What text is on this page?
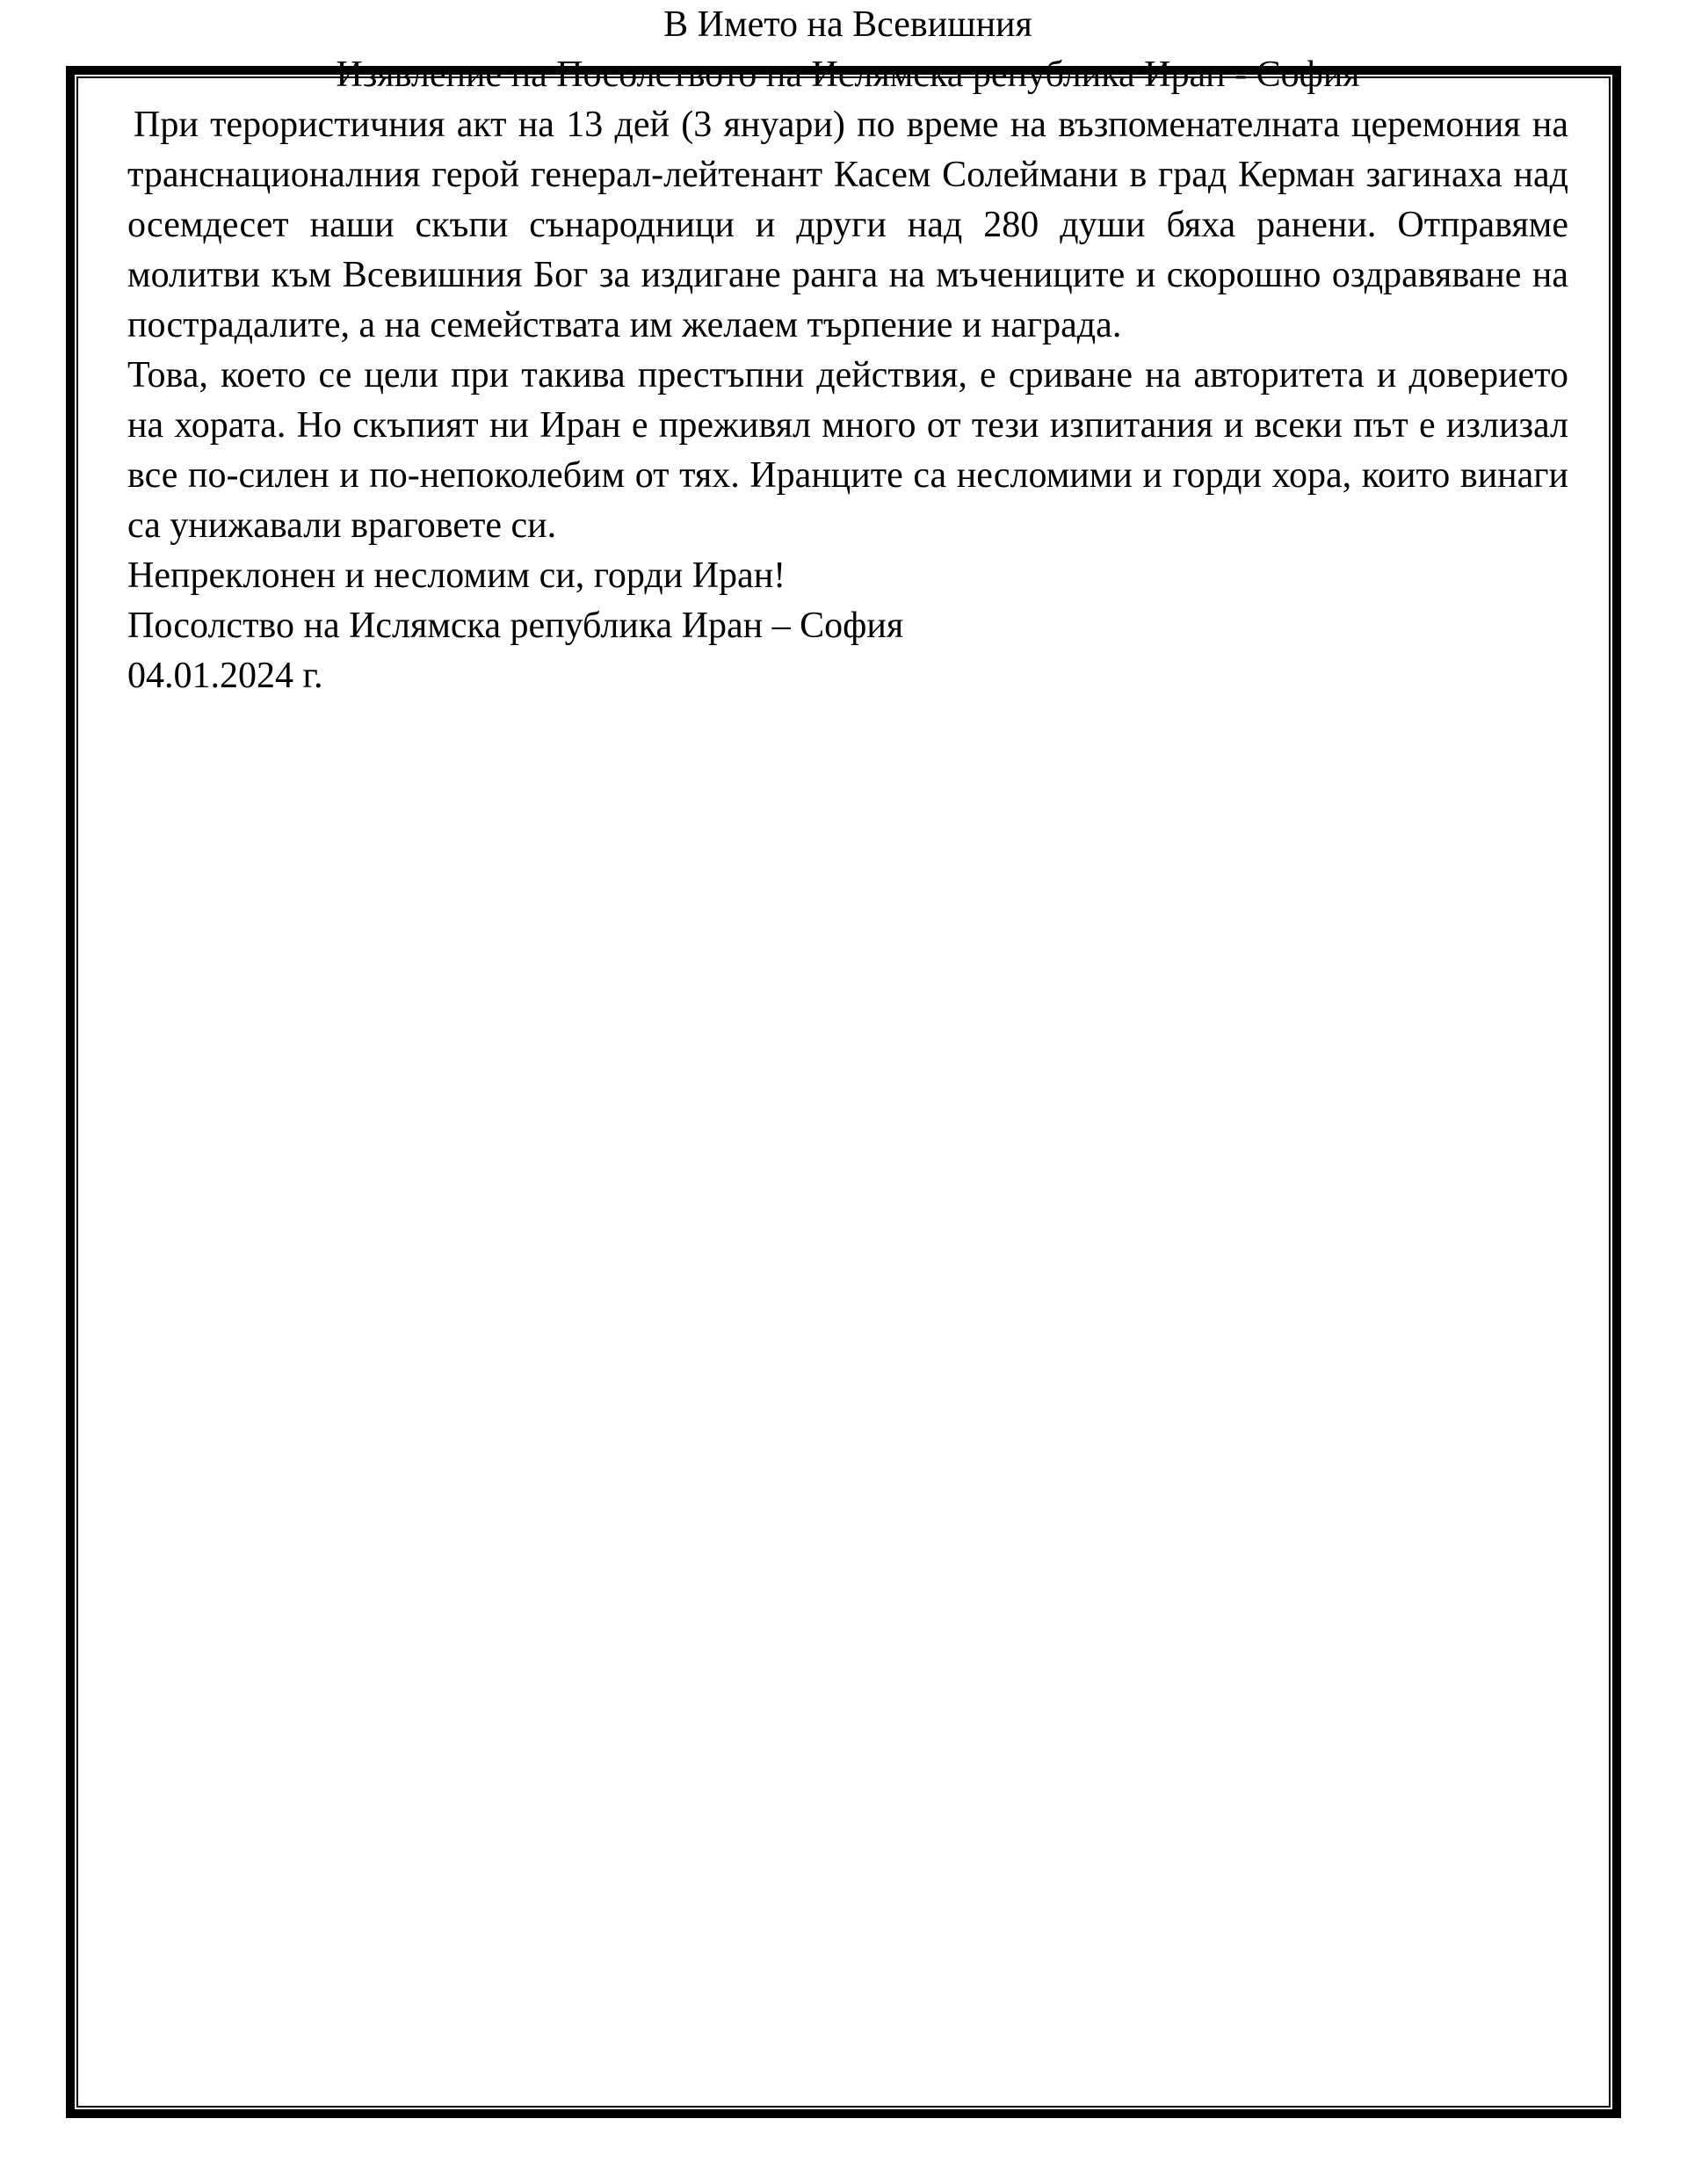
В Името на Всевишния
Изявление на Посолството на Ислямска република Иран - София

При терористичния акт на 13 дей (3 януари) по време на възпоменателната церемония на транснационалния герой генерал-лейтенант Касем Солеймани в град Керман загинаха над осемдесет наши скъпи сънародници и други над 280 души бяха ранени. Отправяме молитви към Всевишния Бог за издигане ранга на мъчениците и скорошно оздравяване на пострадалите, а на семействата им желаем търпение и награда.

Това, което се цели при такива престъпни действия, е сриване на авторитета и доверието на хората. Но скъпият ни Иран е преживял много от тези изпитания и всеки път е излизал все по-силен и по-непоколебим от тях. Иранците са несломими и горди хора, които винаги са унижавали враговете си.

Непреклонен и несломим си, горди Иран!

Посолство на Ислямска република Иран – София

04.01.2024 г.
